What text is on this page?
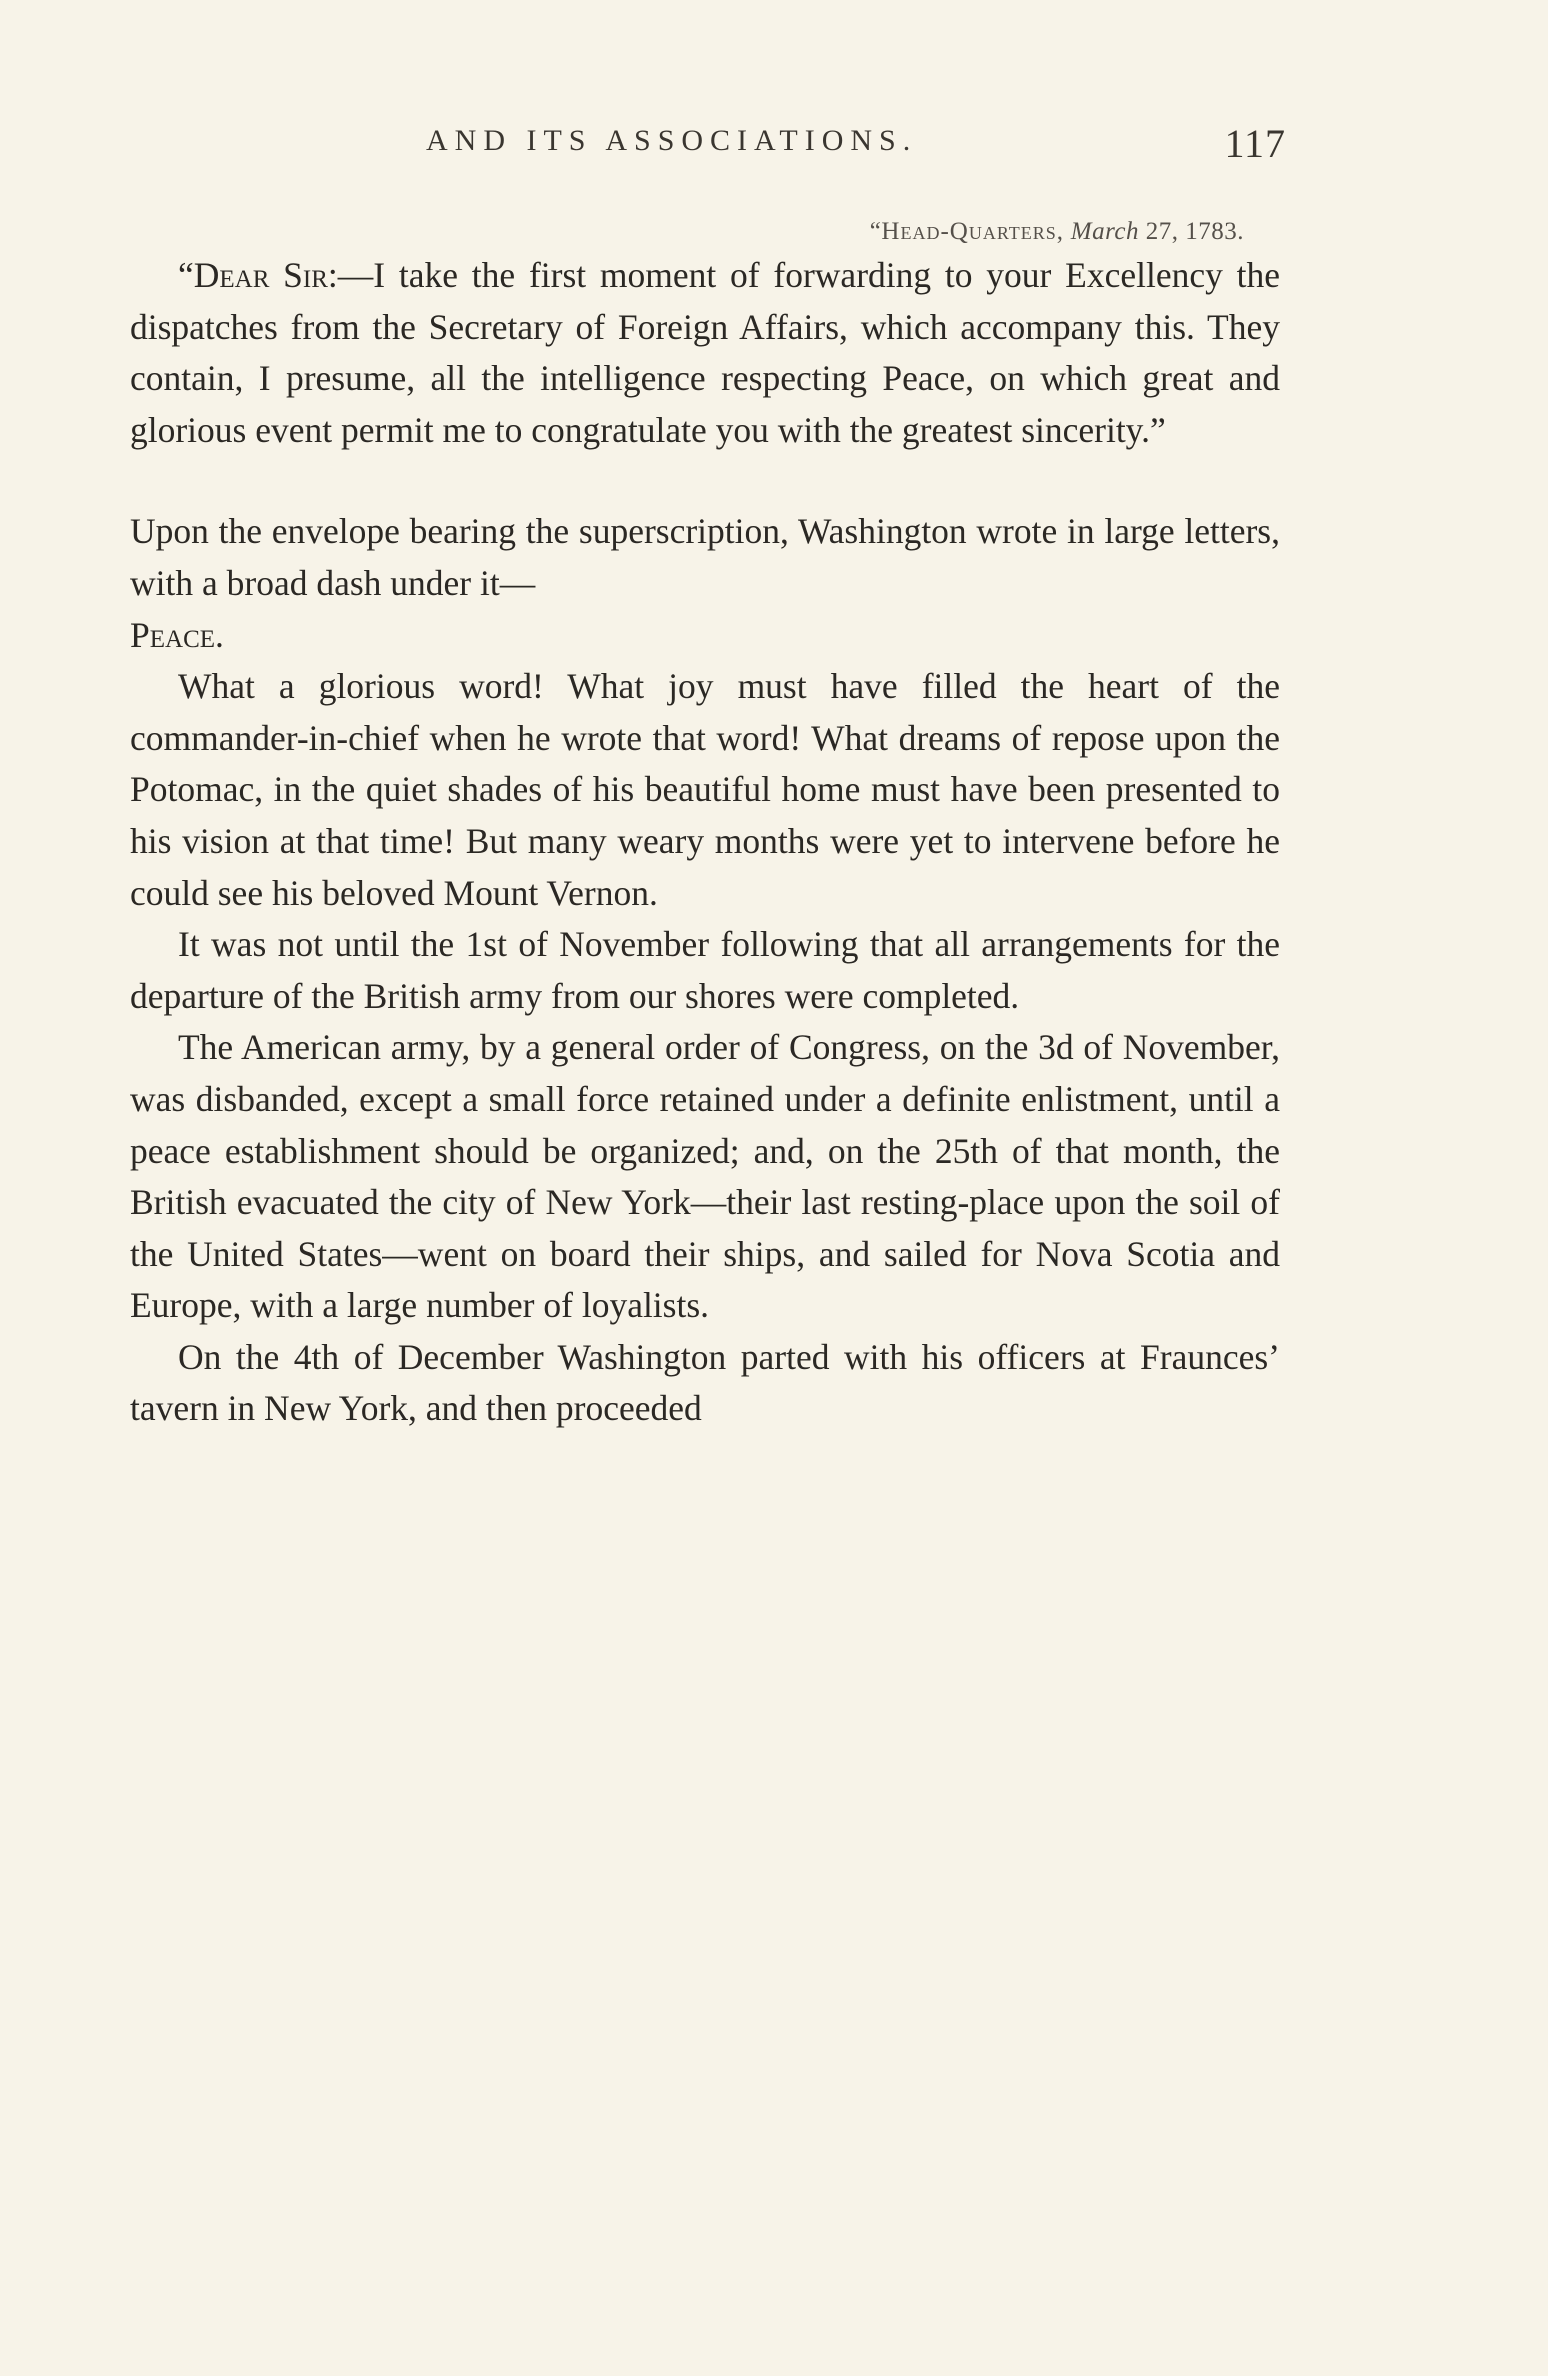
AND ITS ASSOCIATIONS.	117
“Head-Quarters, March 27, 1783.

“Dear Sir:—I take the first moment of forwarding to your Excellency the dispatches from the Secretary of Foreign Affairs, which accompany this. They contain, I presume, all the intelligence respecting Peace, on which great and glorious event permit me to congratulate you with the greatest sincerity.”

Upon the envelope bearing the superscription, Washington wrote in large letters, with a broad dash under it—
Peace.

What a glorious word! What joy must have filled the heart of the commander-in-chief when he wrote that word! What dreams of repose upon the Potomac, in the quiet shades of his beautiful home must have been presented to his vision at that time! But many weary months were yet to intervene before he could see his beloved Mount Vernon.

It was not until the 1st of November following that all arrangements for the departure of the British army from our shores were completed.

The American army, by a general order of Congress, on the 3d of November, was disbanded, except a small force retained under a definite enlistment, until a peace establishment should be organized; and, on the 25th of that month, the British evacuated the city of New York—their last resting-place upon the soil of the United States—went on board their ships, and sailed for Nova Scotia and Europe, with a large number of loyalists.

On the 4th of December Washington parted with his officers at Fraunces’ tavern in New York, and then proceeded
